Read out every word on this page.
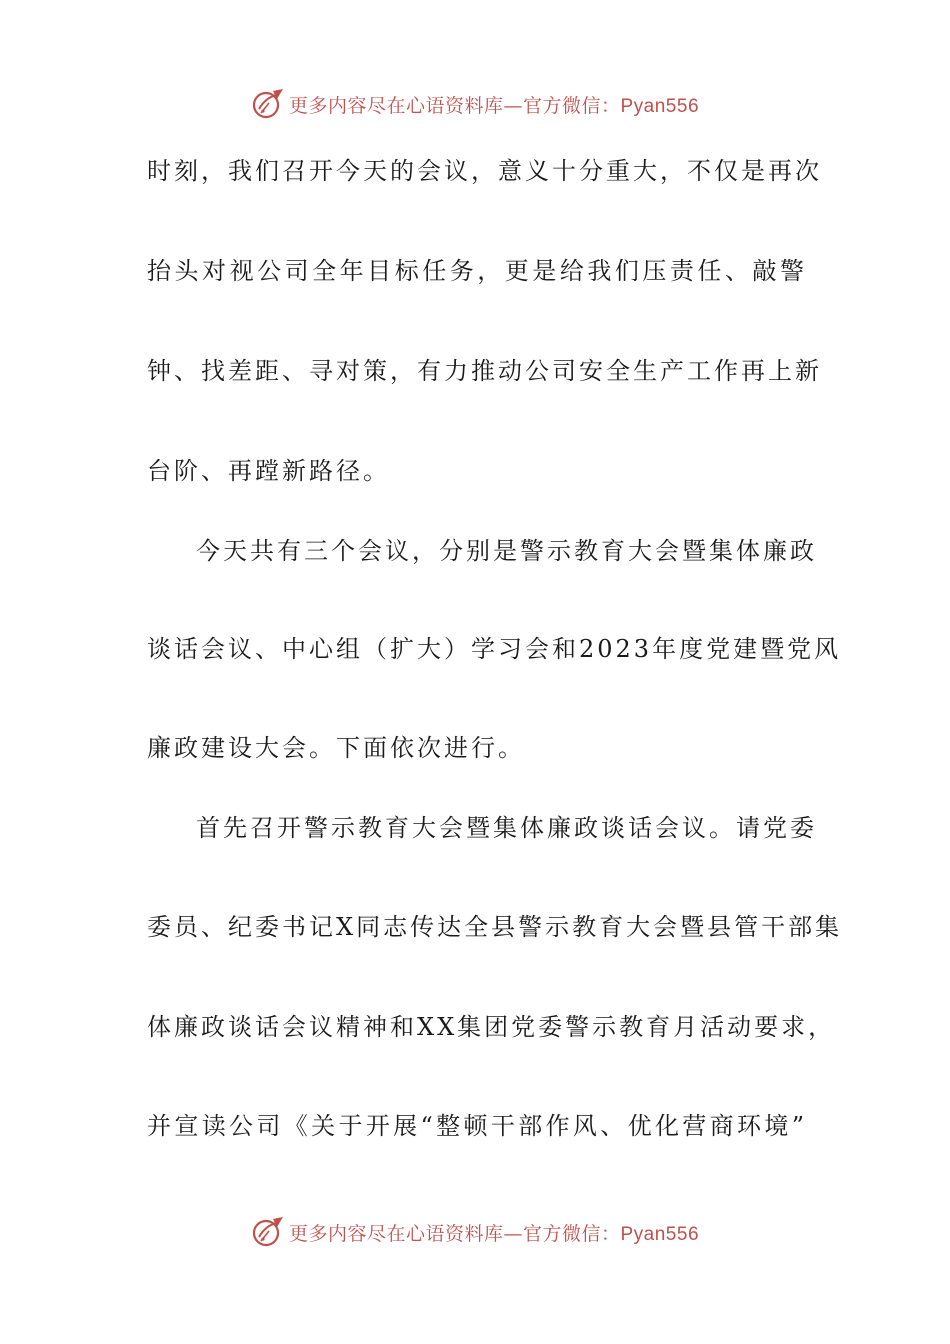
更多内容尽在心语资料库—官方微信：Pyan556
时刻，我们召开今天的会议，意义十分重大，不仅是再次
抬头对视公司全年目标任务，更是给我们压责任、敲警
钟、找差距、寻对策，有力推动公司安全生产工作再上新
台阶、再蹚新路径。
今天共有三个会议，分别是警示教育大会暨集体廉政
谈话会议、中心组（扩大）学习会和2023年度党建暨党风
廉政建设大会。下面依次进行。
首先召开警示教育大会暨集体廉政谈话会议。请党委
委员、纪委书记X同志传达全县警示教育大会暨县管干部集
体廉政谈话会议精神和XX集团党委警示教育月活动要求，
并宣读公司《关于开展“整顿干部作风、优化营商环境”
更多内容尽在心语资料库—官方微信：Pyan556
